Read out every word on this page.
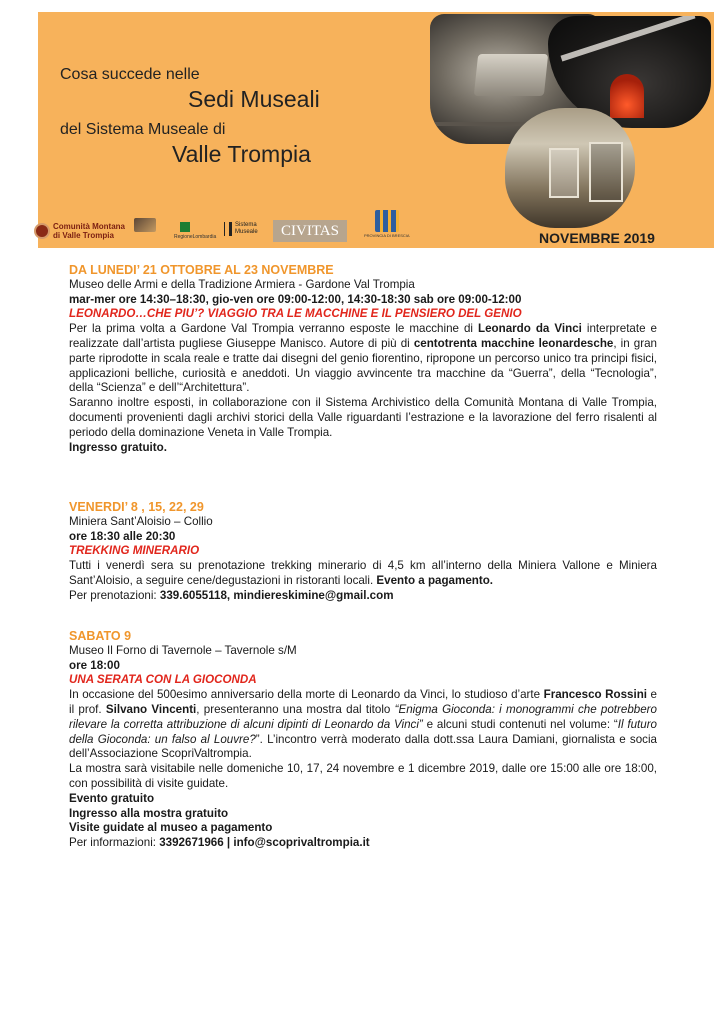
Cosa succede nelle
Sedi Museali
del Sistema Museale di
Valle Trompia
Comunità Montana
di Valle Trompia	RegioneLombardia
Sistema
Museale	CIVITAS	PROVINCIA DI BRESCIA	NOVEMBRE 2019
DA LUNEDI’ 21 OTTOBRE AL 23 NOVEMBRE
Museo delle Armi e della Tradizione Armiera - Gardone Val Trompia
mar-mer ore 14:30–18:30, gio-ven ore 09:00-12:00, 14:30-18:30 sab ore 09:00-12:00
LEONARDO…CHE PIU’? VIAGGIO TRA LE MACCHINE E IL PENSIERO DEL GENIO
Per la prima volta a Gardone Val Trompia verranno esposte le macchine di Leonardo da Vinci interpretate e realizzate dall’artista pugliese Giuseppe Manisco. Autore di più di centotrenta macchine leonardesche, in gran parte riprodotte in scala reale e tratte dai disegni del genio fiorentino, ripropone un percorso unico tra principi fisici, applicazioni belliche, curiosità e aneddoti. Un viaggio avvincente tra macchine da “Guerra”, della “Tecnologia”, della “Scienza” e dell’“Architettura”.
Saranno inoltre esposti, in collaborazione con il Sistema Archivistico della Comunità Montana di Valle Trompia, documenti provenienti dagli archivi storici della Valle riguardanti l’estrazione e la lavorazione del ferro risalenti al periodo della dominazione Veneta in Valle Trompia.
Ingresso gratuito.
VENERDI’ 8 , 15, 22, 29
Miniera Sant’Aloisio – Collio
ore 18:30 alle 20:30
TREKKING MINERARIO
Tutti i venerdì sera su prenotazione trekking minerario di 4,5 km all’interno della Miniera Vallone e Miniera Sant’Aloisio, a seguire cene/degustazioni in ristoranti locali. Evento a pagamento.
Per prenotazioni: 339.6055118, mindiereskimine@gmail.com
SABATO 9
Museo Il Forno di Tavernole – Tavernole s/M
ore 18:00
UNA SERATA CON LA GIOCONDA
In occasione del 500esimo anniversario della morte di Leonardo da Vinci, lo studioso d’arte Francesco Rossini e il prof. Silvano Vincenti, presenteranno una mostra dal titolo “Enigma Gioconda: i monogrammi che potrebbero rilevare la corretta attribuzione di alcuni dipinti di Leonardo da Vinci” e alcuni studi contenuti nel volume: “Il futuro della Gioconda: un falso al Louvre?”. L’incontro verrà moderato dalla dott.ssa Laura Damiani, giornalista e socia dell’Associazione ScopriValtrompia.
La mostra sarà visitabile nelle domeniche 10, 17, 24 novembre e 1 dicembre 2019, dalle ore 15:00 alle ore 18:00, con possibilità di visite guidate.
Evento gratuito
Ingresso alla mostra gratuito
Visite guidate al museo a pagamento
Per informazioni: 3392671966 | info@scoprivaltrompia.it
